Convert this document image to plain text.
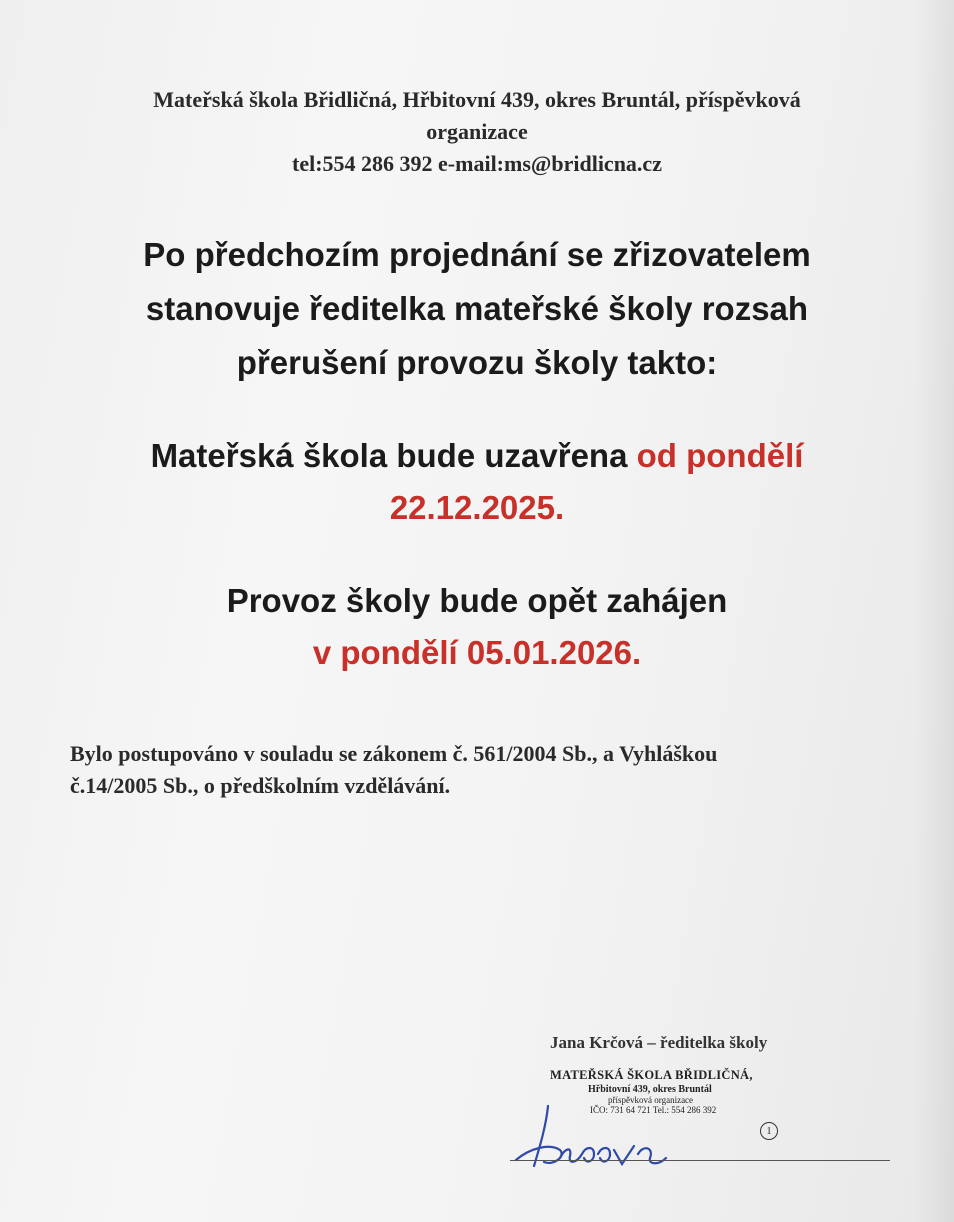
Mateřská škola Břidličná, Hřbitovní 439, okres Bruntál, příspěvková
organizace
tel:554 286 392 e-mail:ms@bridlicna.cz
Po předchozím projednání se zřizovatelem
stanovuje ředitelka mateřské školy rozsah
přerušení provozu školy takto:
Mateřská škola bude uzavřena od pondělí
22.12.2025.
Provoz školy bude opět zahájen
v pondělí 05.01.2026.
Bylo postupováno v souladu se zákonem č. 561/2004 Sb., a Vyhláškou
č.14/2005 Sb., o předškolním vzdělávání.
Jana Krčová – ředitelka školy
MATEŘSKÁ ŠKOLA BŘIDLIČNÁ,
Hřbitovní 439, okres Bruntál
příspěvková organizace
IČO: 731 64 721 Tel.: 554 286 392
1
